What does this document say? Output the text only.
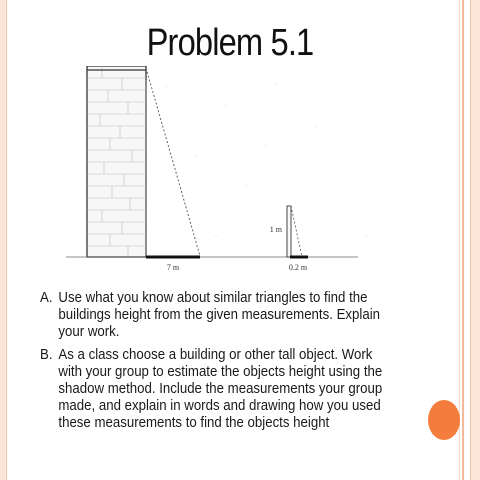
Problem 5.1
1 m
7 m	0.2 m
A. Use what you know about similar triangles to find the buildings height from the given measurements. Explain your work.
B. As a class choose a building or other tall object. Work with your group to estimate the objects height using the shadow method. Include the measurements your group made, and explain in words and drawing how you used these measurements to find the objects height
